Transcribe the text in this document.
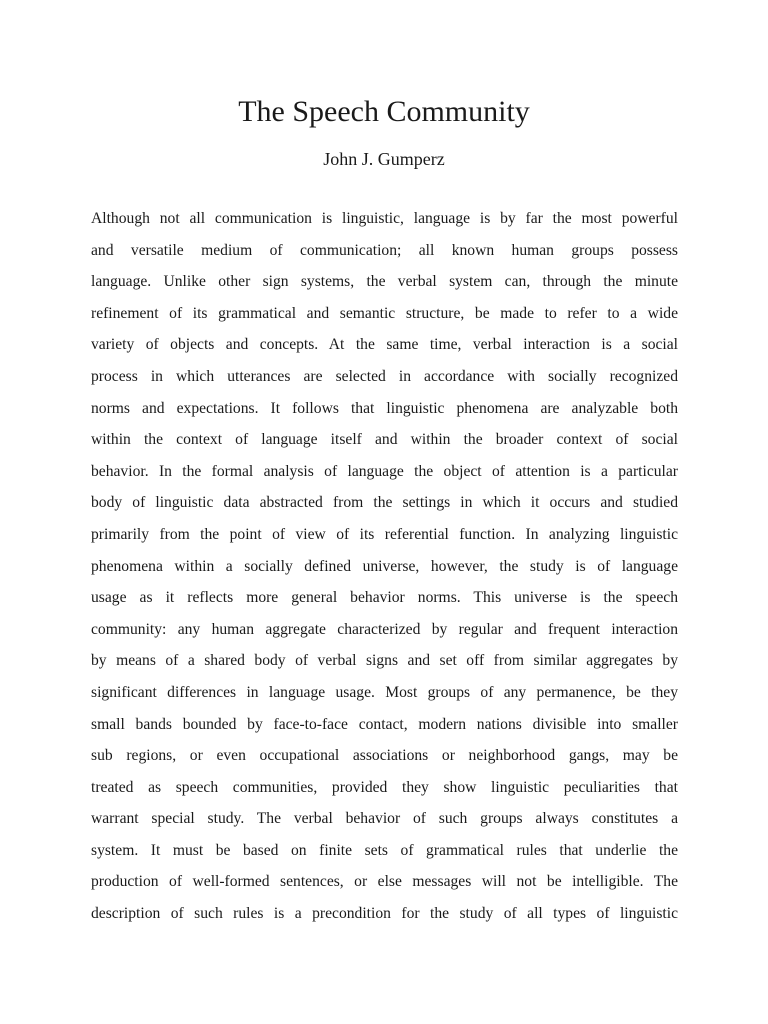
The Speech Community

John J. Gumperz

Although not all communication is linguistic, language is by far the most powerful
and versatile medium of communication; all known human groups possess
language. Unlike other sign systems, the verbal system can, through the minute
refinement of its grammatical and semantic structure, be made to refer to a wide
variety of objects and concepts. At the same time, verbal interaction is a social
process in which utterances are selected in accordance with socially recognized
norms and expectations. It follows that linguistic phenomena are analyzable both
within the context of language itself and within the broader context of social
behavior. In the formal analysis of language the object of attention is a particular
body of linguistic data abstracted from the settings in which it occurs and studied
primarily from the point of view of its referential function. In analyzing linguistic
phenomena within a socially defined universe, however, the study is of language
usage as it reflects more general behavior norms. This universe is the speech
community: any human aggregate characterized by regular and frequent interaction
by means of a shared body of verbal signs and set off from similar aggregates by
significant differences in language usage. Most groups of any permanence, be they
small bands bounded by face-to-face contact, modern nations divisible into smaller
sub regions, or even occupational associations or neighborhood gangs, may be
treated as speech communities, provided they show linguistic peculiarities that
warrant special study. The verbal behavior of such groups always constitutes a
system. It must be based on finite sets of grammatical rules that underlie the
production of well-formed sentences, or else messages will not be intelligible. The
description of such rules is a precondition for the study of all types of linguistic
